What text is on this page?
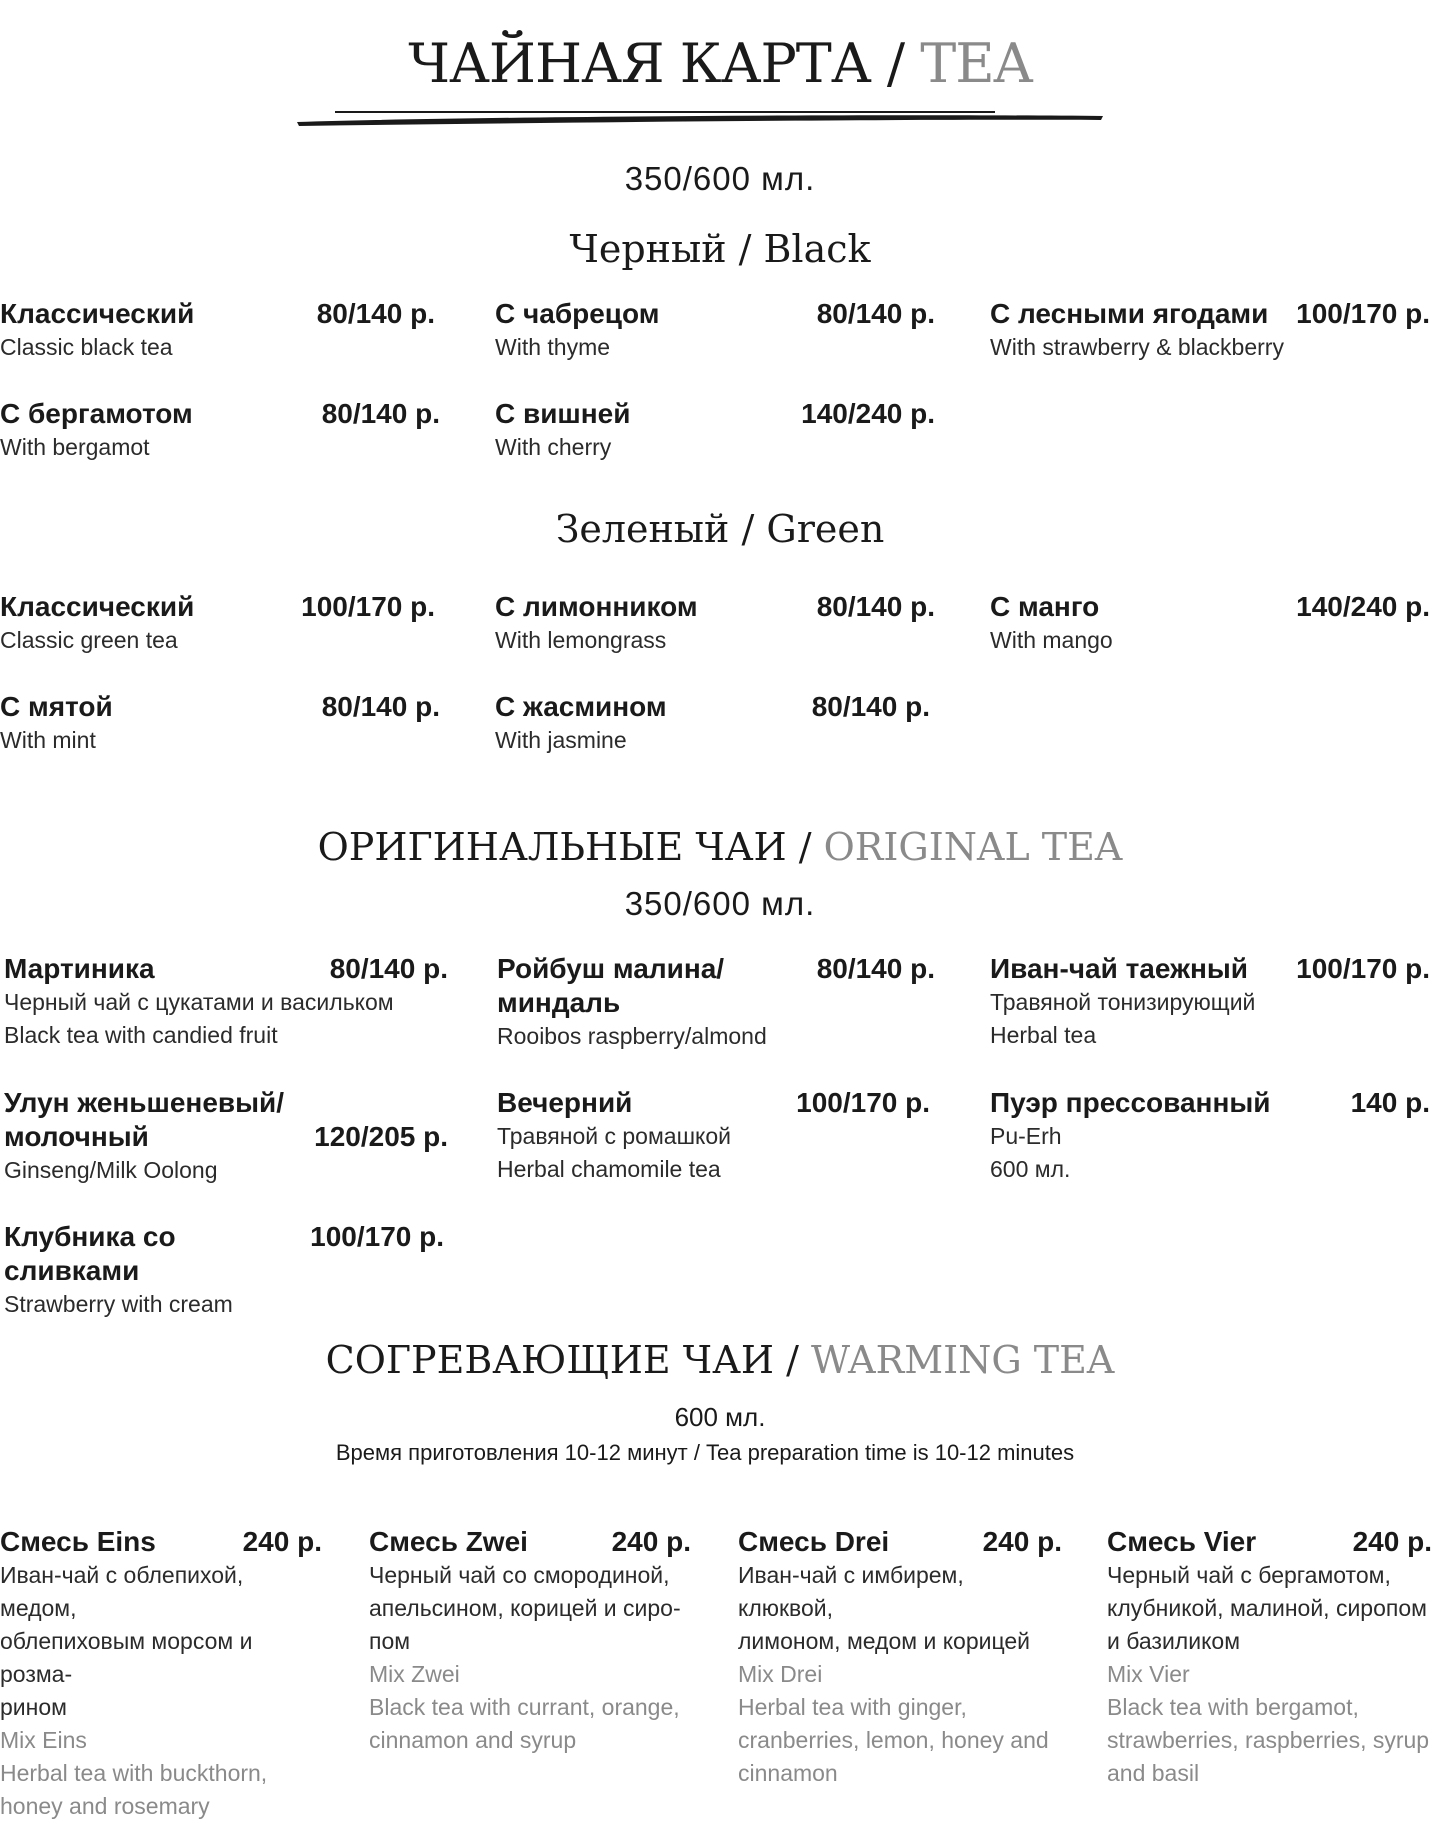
ЧАЙНАЯ КАРТА / TEA
350/600 мл.
Черный / Black
Классический	80/140 р.
Classic black tea
С чабрецом	80/140 р.
With thyme
С лесными ягодами 100/170 р.
With strawberry & blackberry
С бергамотом	80/140 р.
With bergamot
С вишней	140/240 р.
With cherry
Зеленый / Green
Классический	100/170 р.
Classic green tea
С лимонником	80/140 р.
With lemongrass
С манго	140/240 р.
With mango
С мятой	80/140 р.
With mint
С жасмином	80/140 р.
With jasmine
ОРИГИНАЛЬНЫЕ ЧАИ / ORIGINAL TEA
350/600 мл.
Мартиника	80/140 р.
Черный чай с цукатами и васильком
Black tea with candied fruit
Ройбуш малина/	80/140 р.
миндаль
Rooibos raspberry/almond
Иван-чай таежный 100/170 р.
Травяной тонизирующий
Herbal tea
Улун женьшеневый/
молочный	120/205 р.
Ginseng/Milk Oolong
Вечерний	100/170 р.
Травяной с ромашкой
Herbal chamomile tea
Пуэр прессованный	140 р.
Pu-Erh
600 мл.
Клубника со сливками
100/170 р.
Strawberry with cream
СОГРЕВАЮЩИЕ ЧАИ / WARMING TEA
600 мл.
Время приготовления 10-12 минут / Tea preparation time is 10-12 minutes
Смесь Eins	240 р.
Иван-чай с облепихой, медом,
облепиховым морсом и розма-
рином
Mix Eins
Herbal tea with buckthorn,
honey and rosemary
Смесь Zwei	240 р.
Черный чай со смородиной,
апельсином, корицей и сиро-
пом
Mix Zwei
Black tea with currant, orange,
cinnamon and syrup
Смесь Drei	240 р.
Иван-чай с имбирем, клюквой,
лимоном, медом и корицей
Mix Drei
Herbal tea with ginger,
cranberries, lemon, honey and
cinnamon
Смесь Vier	240 р.
Черный чай с бергамотом,
клубникой, малиной, сиропом
и базиликом
Mix Vier
Black tea with bergamot,
strawberries, raspberries, syrup
and basil
